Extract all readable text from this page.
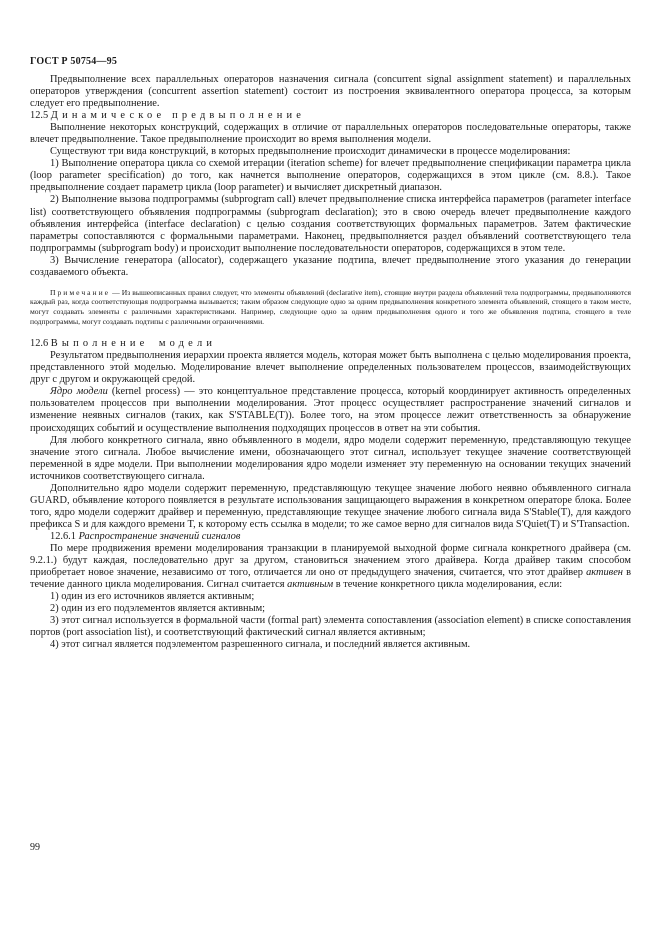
ГОСТ Р 50754—95

Предвыполнение всех параллельных операторов назначения сигнала (concurrent signal assignment statement) и параллельных операторов утверждения (concurrent assertion statement) состоит из построения эквивалентного оператора процесса, за которым следует его предвыполнение.

12.5 Динамическое предвыполнение

Выполнение некоторых конструкций, содержащих в отличие от параллельных операторов последовательные операторы, также влечет предвыполнение. Такое предвыполнение происходит во время выполнения модели.

Существуют три вида конструкций, в которых предвыполнение происходит динамически в процессе моделирования:

1) Выполнение оператора цикла со схемой итерации (iteration scheme) for влечет предвыполнение спецификации параметра цикла (loop parameter specification) до того, как начнется выполнение операторов, содержащихся в этом цикле (см. 8.8.). Такое предвыполнение создает параметр цикла (loop parameter) и вычисляет дискретный диапазон.

2) Выполнение вызова подпрограммы (subprogram call) влечет предвыполнение списка интерфейса параметров (parameter interface list) соответствующего объявления подпрограммы (subprogram declaration); это в свою очередь влечет предвыполнение каждого объявления интерфейса (interface declaration) с целью создания соответствующих формальных параметров. Затем фактические параметры сопоставляются с формальными параметрами. Наконец, предвыполняется раздел объявлений соответствующего тела подпрограммы (subprogram body) и происходит выполнение последовательности операторов, содержащихся в этом теле.

3) Вычисление генератора (allocator), содержащего указание подтипа, влечет предвыполнение этого указания до генерации создаваемого объекта.

Примечание — Из вышеописанных правил следует, что элементы объявлений (declarative item), стоящие внутри раздела объявлений тела подпрограммы, предвыполняются каждый раз, когда соответствующая подпрограмма вызывается; таким образом следующие одно за одним предвыполнения конкретного элемента объявлений, стоящего в таком месте, могут создавать элементы с различными характеристиками. Например, следующие одно за одним предвыполнения одного и того же объявления подтипа, стоящего в теле подпрограммы, могут создавать подтипы с различными ограничениями.

12.6 Выполнение модели

Результатом предвыполнения иерархии проекта является модель, которая может быть выполнена с целью моделирования проекта, представленного этой моделью. Моделирование влечет выполнение определенных пользователем процессов, взаимодействующих друг с другом и окружающей средой.

Ядро модели (kernel process) — это концептуальное представление процесса, который координирует активность определенных пользователем процессов при выполнении моделирования. Этот процесс осуществляет распространение значений сигналов и изменение неявных сигналов (таких, как S'STABLE(T)). Более того, на этом процессе лежит ответственность за обнаружение происходящих событий и осуществление выполнения подходящих процессов в ответ на эти события.

Для любого конкретного сигнала, явно объявленного в модели, ядро модели содержит переменную, представляющую текущее значение этого сигнала. Любое вычисление имени, обозначающего этот сигнал, использует текущее значение соответствующей переменной в ядре модели. При выполнении моделирования ядро модели изменяет эту переменную на основании текущих значений источников соответствующего сигнала.

Дополнительно ядро модели содержит переменную, представляющую текущее значение любого неявно объявленного сигнала GUARD, объявление которого появляется в результате использования защищающего выражения в конкретном операторе блока. Более того, ядро модели содержит драйвер и переменную, представляющие текущее значение любого сигнала вида S'Stable(T), для каждого префикса S и для каждого времени T, к которому есть ссылка в модели; то же самое верно для сигналов вида S'Quiet(T) и S'Transaction.

12.6.1 Распространение значений сигналов

По мере продвижения времени моделирования транзакции в планируемой выходной форме сигнала конкретного драйвера (см. 9.2.1.) будут каждая, последовательно друг за другом, становиться значением этого драйвера. Когда драйвер таким способом приобретает новое значение, независимо от того, отличается ли оно от предыдущего значения, считается, что этот драйвер активен в течение данного цикла моделирования. Сигнал считается активным в течение конкретного цикла моделирования, если:

1) один из его источников является активным;

2) один из его подэлементов является активным;

3) этот сигнал используется в формальной части (formal part) элемента сопоставления (association element) в списке сопоставления портов (port association list), и соответствующий фактический сигнал является активным;

4) этот сигнал является подэлементом разрешенного сигнала, и последний является активным.

99
